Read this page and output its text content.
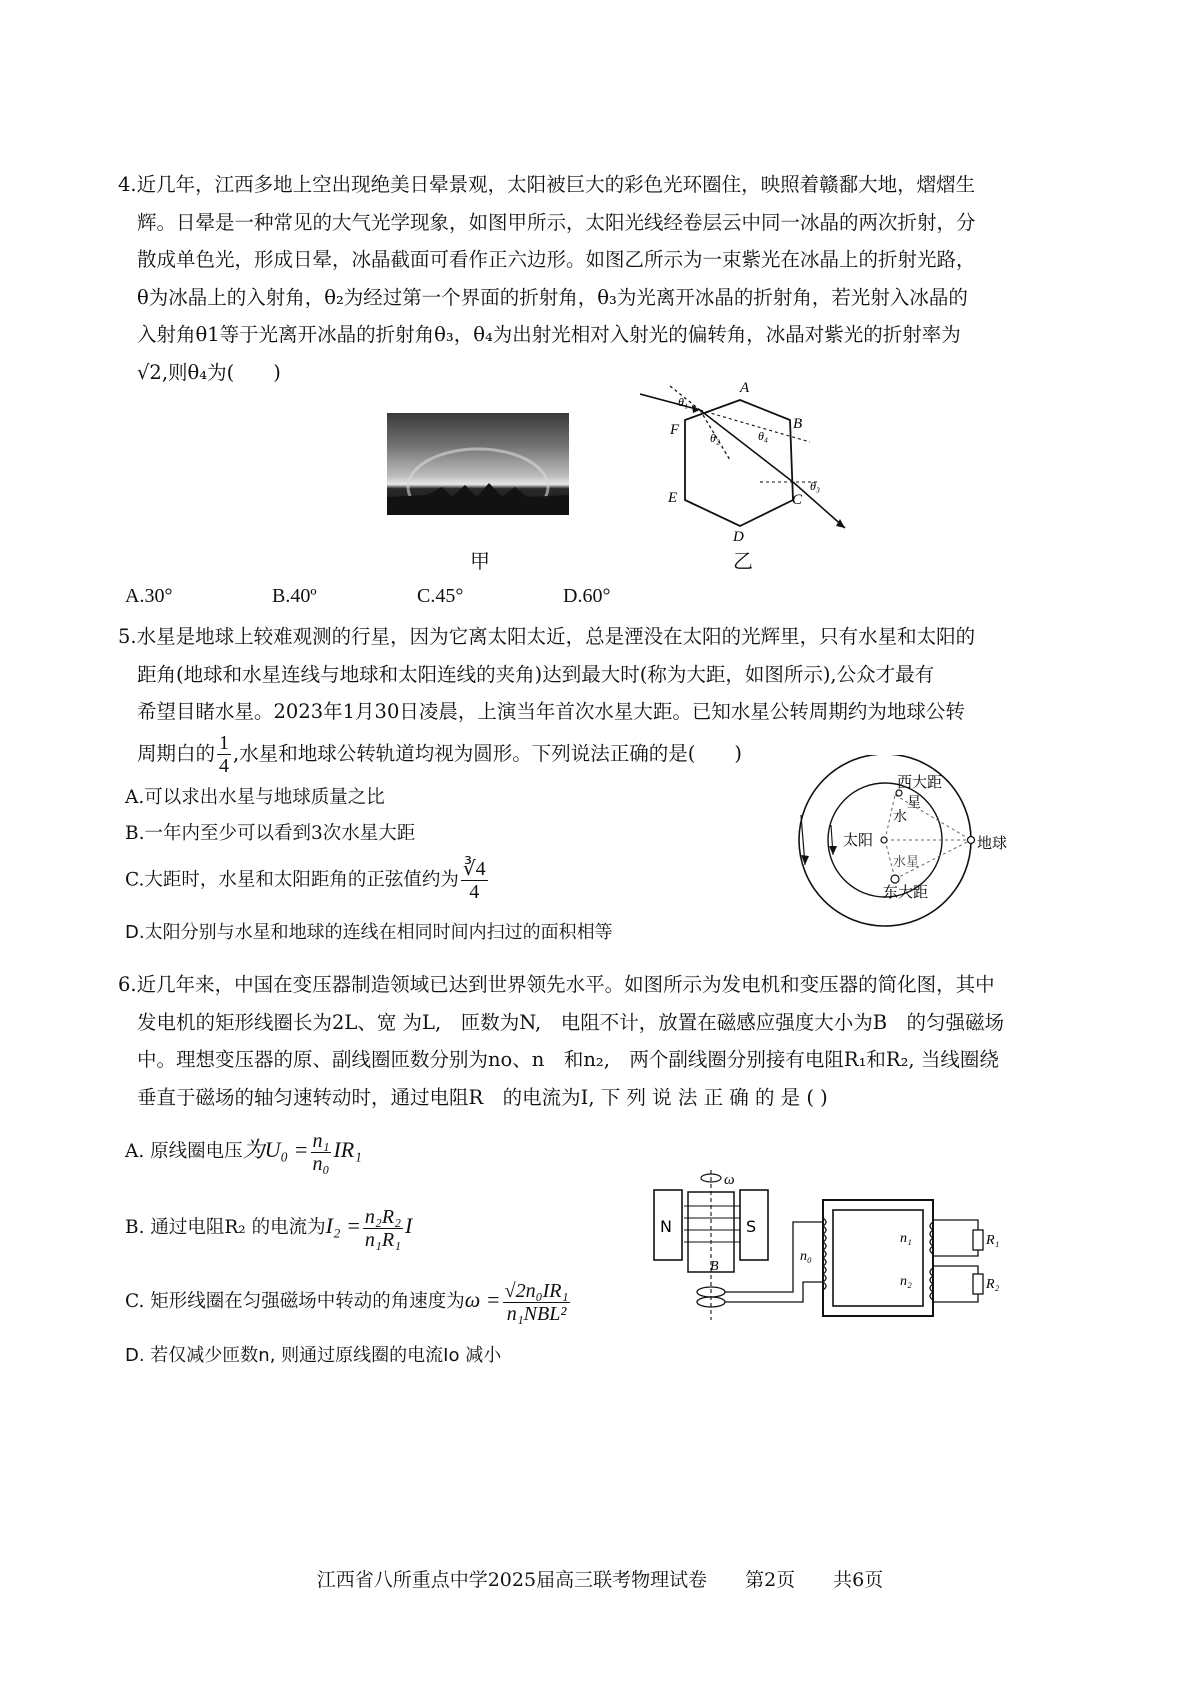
4.近几年，江西多地上空出现绝美日晕景观，太阳被巨大的彩色光环圈住，映照着赣鄱大地，熠熠生
辉。日晕是一种常见的大气光学现象，如图甲所示，太阳光线经卷层云中同一冰晶的两次折射，分
散成单色光，形成日晕，冰晶截面可看作正六边形。如图乙所示为一束紫光在冰晶上的折射光路，
θ为冰晶上的入射角，θ₂为经过第一个界面的折射角，θ₃为光离开冰晶的折射角，若光射入冰晶的
入射角θ1等于光离开冰晶的折射角θ₃，θ₄为出射光相对入射光的偏转角，冰晶对紫光的折射率为
√2,则θ₄为(　　)
甲
A
B
C
D
E
F
θ₁
θ₂
θ₃
θ₄
乙
A.30°	B.40º	C.45°	D.60°
5.水星是地球上较难观测的行星，因为它离太阳太近，总是湮没在太阳的光辉里，只有水星和太阳的
距角(地球和水星连线与地球和太阳连线的夹角)达到最大时(称为大距，如图所示),公众才最有
希望目睹水星。2023年1月30日凌晨，上演当年首次水星大距。已知水星公转周期约为地球公转
周期白的 $\frac{1}{4}$ ,水星和地球公转轨道均视为圆形。下列说法正确的是(　　)
A.可以求出水星与地球质量之比
B.一年内至少可以看到3次水星大距
C.大距时，水星和太阳距角的正弦值约为 $\frac{∛4}{4}$
D.太阳分别与水星和地球的连线在相同时间内扫过的面积相等
西大距
水
星
太阳	地球
水星
东大距
6.近几年来，中国在变压器制造领域已达到世界领先水平。如图所示为发电机和变压器的简化图，其中
发电机的矩形线圈长为2L、宽 为L,　匝数为N,　电阻不计，放置在磁感应强度大小为B　的匀强磁场
中。理想变压器的原、副线圈匝数分别为no、n　和n₂,　两个副线圈分别接有电阻R₁和R₂, 当线圈绕
垂直于磁场的轴匀速转动时，通过电阻R　的电流为I, 下 列 说 法 正 确 的 是 ( )
A. 原线圈电压为$U_0 = \frac{\text{n₁}}{\text{n₀}} IR_1$
B. 通过电阻R₂ 的电流为$I_2 = \frac{\text{n₂R₂}}{\text{n₁R₁}}$ I
C. 矩形线圈在匀强磁场中转动的角速度为$\omega = \frac{\text{√2n₀IR₁}}{\text{n₁NBL²}}$
D. 若仅减少匝数n, 则通过原线圈的电流Io 减小
N	S
ω
B
n₀
n₁
n₂
R₁
R₂
江西省八所重点中学2025届高三联考物理试卷　　第2页　　共6页
